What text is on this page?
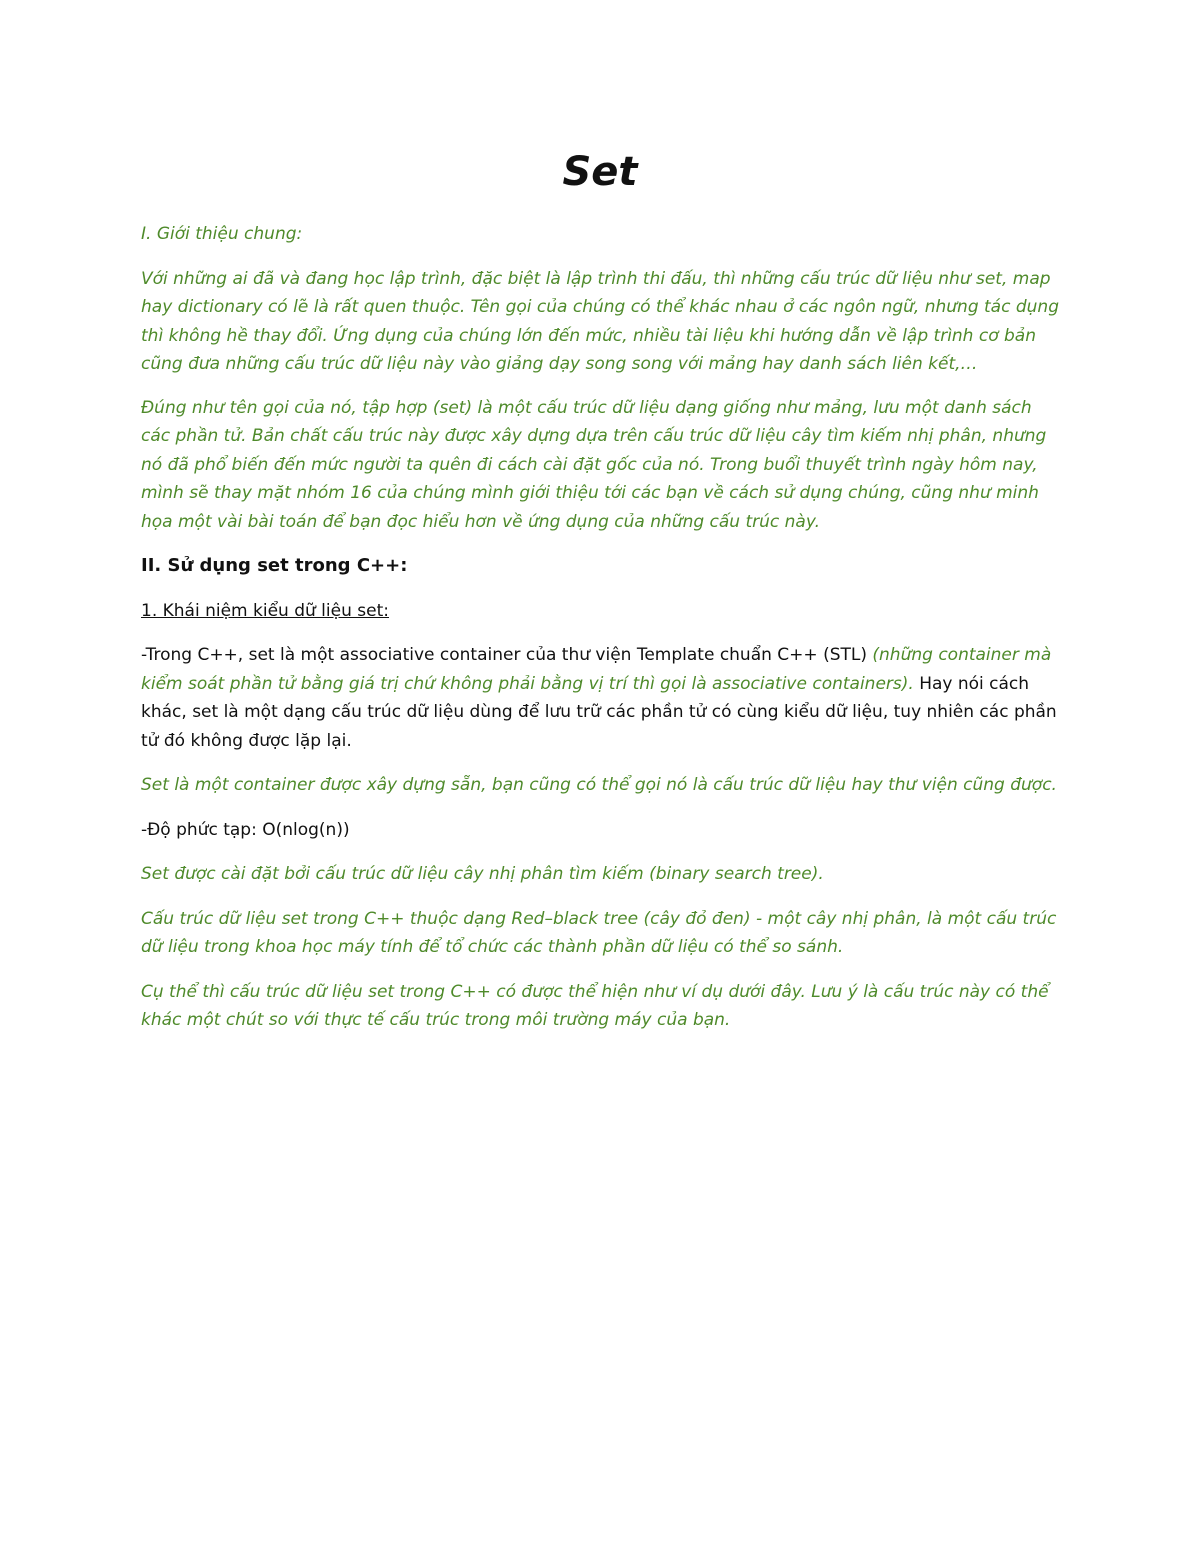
Set

I. Giới thiệu chung:

Với những ai đã và đang học lập trình, đặc biệt là lập trình thi đấu, thì những cấu trúc dữ liệu như set, map hay dictionary có lẽ là rất quen thuộc. Tên gọi của chúng có thể khác nhau ở các ngôn ngữ, nhưng tác dụng thì không hề thay đổi. Ứng dụng của chúng lớn đến mức, nhiều tài liệu khi hướng dẫn về lập trình cơ bản cũng đưa những cấu trúc dữ liệu này vào giảng dạy song song với mảng hay danh sách liên kết,…

Đúng như tên gọi của nó, tập hợp (set) là một cấu trúc dữ liệu dạng giống như mảng, lưu một danh sách các phần tử. Bản chất cấu trúc này được xây dựng dựa trên cấu trúc dữ liệu cây tìm kiếm nhị phân, nhưng nó đã phổ biến đến mức người ta quên đi cách cài đặt gốc của nó. Trong buổi thuyết trình ngày hôm nay, mình sẽ thay mặt nhóm 16 của chúng mình giới thiệu tới các bạn về cách sử dụng chúng, cũng như minh họa một vài bài toán để bạn đọc hiểu hơn về ứng dụng của những cấu trúc này.

II. Sử dụng set trong C++:

1. Khái niệm kiểu dữ liệu set:

-Trong C++, set là một associative container của thư viện Template chuẩn C++ (STL) (những container mà kiểm soát phần tử bằng giá trị chứ không phải bằng vị trí thì gọi là associative containers). Hay nói cách khác, set là một dạng cấu trúc dữ liệu dùng để lưu trữ các phần tử có cùng kiểu dữ liệu, tuy nhiên các phần tử đó không được lặp lại.

Set là một container được xây dựng sẵn, bạn cũng có thể gọi nó là cấu trúc dữ liệu hay thư viện cũng được.

-Độ phức tạp: O(nlog(n))

Set được cài đặt bởi cấu trúc dữ liệu cây nhị phân tìm kiếm (binary search tree).

Cấu trúc dữ liệu set trong C++ thuộc dạng Red–black tree (cây đỏ đen) - một cây nhị phân, là một cấu trúc dữ liệu trong khoa học máy tính để tổ chức các thành phần dữ liệu có thể so sánh.

Cụ thể thì cấu trúc dữ liệu set trong C++ có được thể hiện như ví dụ dưới đây. Lưu ý là cấu trúc này có thể khác một chút so với thực tế cấu trúc trong môi trường máy của bạn.
